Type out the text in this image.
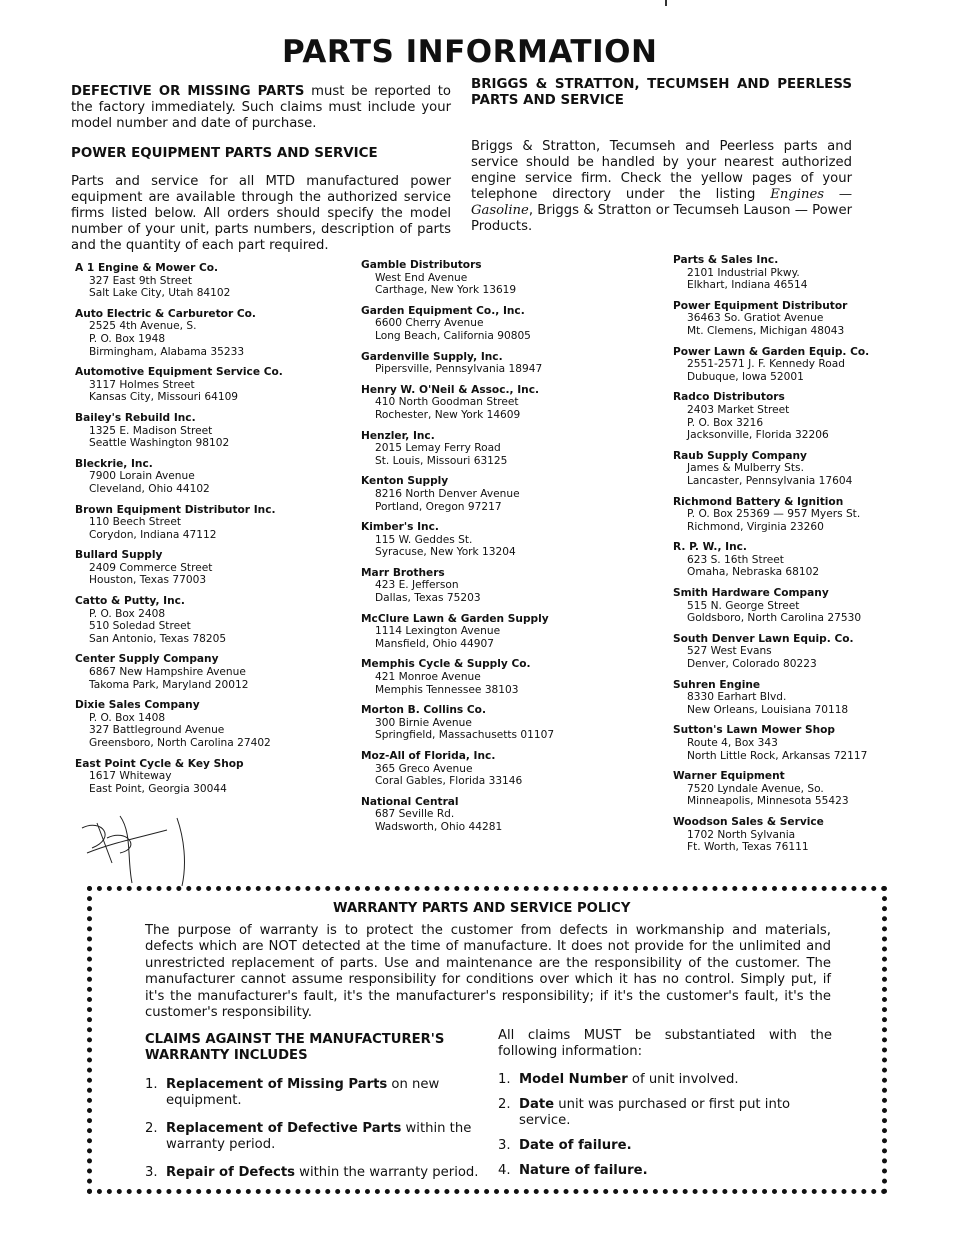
PARTS INFORMATION
DEFECTIVE OR MISSING PARTS must be reported to the factory immediately. Such claims must include your model number and date of purchase.
POWER EQUIPMENT PARTS AND SERVICE
Parts and service for all MTD manufactured power equipment are available through the authorized service firms listed below. All orders should specify the model number of your unit, parts numbers, description of parts and the quantity of each part required.
BRIGGS & STRATTON, TECUMSEH AND PEERLESS PARTS AND SERVICE
Briggs & Stratton, Tecumseh and Peerless parts and service should be handled by your nearest authorized engine service firm. Check the yellow pages of your telephone directory under the listing Engines — Gasoline, Briggs & Stratton or Tecumseh Lauson — Power Products.
A 1 Engine & Mower Co.
327 East 9th Street
Salt Lake City, Utah 84102
Auto Electric & Carburetor Co.
2525 4th Avenue, S.
P. O. Box 1948
Birmingham, Alabama 35233
Automotive Equipment Service Co.
3117 Holmes Street
Kansas City, Missouri 64109
Bailey's Rebuild Inc.
1325 E. Madison Street
Seattle Washington 98102
Bleckrie, Inc.
7900 Lorain Avenue
Cleveland, Ohio 44102
Brown Equipment Distributor Inc.
110 Beech Street
Corydon, Indiana 47112
Bullard Supply
2409 Commerce Street
Houston, Texas 77003
Catto & Putty, Inc.
P. O. Box 2408
510 Soledad Street
San Antonio, Texas 78205
Center Supply Company
6867 New Hampshire Avenue
Takoma Park, Maryland 20012
Dixie Sales Company
P. O. Box 1408
327 Battleground Avenue
Greensboro, North Carolina 27402
East Point Cycle & Key Shop
1617 Whiteway
East Point, Georgia 30044
Gamble Distributors
West End Avenue
Carthage, New York 13619
Garden Equipment Co., Inc.
6600 Cherry Avenue
Long Beach, California 90805
Gardenville Supply, Inc.
Pipersville, Pennsylvania 18947
Henry W. O'Neil & Assoc., Inc.
410 North Goodman Street
Rochester, New York 14609
Henzler, Inc.
2015 Lemay Ferry Road
St. Louis, Missouri 63125
Kenton Supply
8216 North Denver Avenue
Portland, Oregon 97217
Kimber's Inc.
115 W. Geddes St.
Syracuse, New York 13204
Marr Brothers
423 E. Jefferson
Dallas, Texas 75203
McClure Lawn & Garden Supply
1114 Lexington Avenue
Mansfield, Ohio 44907
Memphis Cycle & Supply Co.
421 Monroe Avenue
Memphis Tennessee 38103
Morton B. Collins Co.
300 Birnie Avenue
Springfield, Massachusetts 01107
Moz-All of Florida, Inc.
365 Greco Avenue
Coral Gables, Florida 33146
National Central
687 Seville Rd.
Wadsworth, Ohio 44281
Parts & Sales Inc.
2101 Industrial Pkwy.
Elkhart, Indiana 46514
Power Equipment Distributor
36463 So. Gratiot Avenue
Mt. Clemens, Michigan 48043
Power Lawn & Garden Equip. Co.
2551-2571 J. F. Kennedy Road
Dubuque, Iowa 52001
Radco Distributors
2403 Market Street
P. O. Box 3216
Jacksonville, Florida 32206
Raub Supply Company
James & Mulberry Sts.
Lancaster, Pennsylvania 17604
Richmond Battery & Ignition
P. O. Box 25369 — 957 Myers St.
Richmond, Virginia 23260
R. P. W., Inc.
623 S. 16th Street
Omaha, Nebraska 68102
Smith Hardware Company
515 N. George Street
Goldsboro, North Carolina 27530
South Denver Lawn Equip. Co.
527 West Evans
Denver, Colorado 80223
Suhren Engine
8330 Earhart Blvd.
New Orleans, Louisiana 70118
Sutton's Lawn Mower Shop
Route 4, Box 343
North Little Rock, Arkansas 72117
Warner Equipment
7520 Lyndale Avenue, So.
Minneapolis, Minnesota 55423
Woodson Sales & Service
1702 North Sylvania
Ft. Worth, Texas 76111
WARRANTY PARTS AND SERVICE POLICY
The purpose of warranty is to protect the customer from defects in workmanship and materials, defects which are NOT detected at the time of manufacture. It does not provide for the unlimited and unrestricted replacement of parts. Use and maintenance are the responsibility of the customer. The manufacturer cannot assume responsibility for conditions over which it has no control. Simply put, if it's the manufacturer's fault, it's the manufacturer's responsibility; if it's the customer's fault, it's the customer's responsibility.
CLAIMS AGAINST THE MANUFACTURER'S WARRANTY INCLUDES
1. Replacement of Missing Parts on new equipment.
2. Replacement of Defective Parts within the warranty period.
3. Repair of Defects within the warranty period.
All claims MUST be substantiated with the following information:
1. Model Number of unit involved.
2. Date unit was purchased or first put into service.
3. Date of failure.
4. Nature of failure.
